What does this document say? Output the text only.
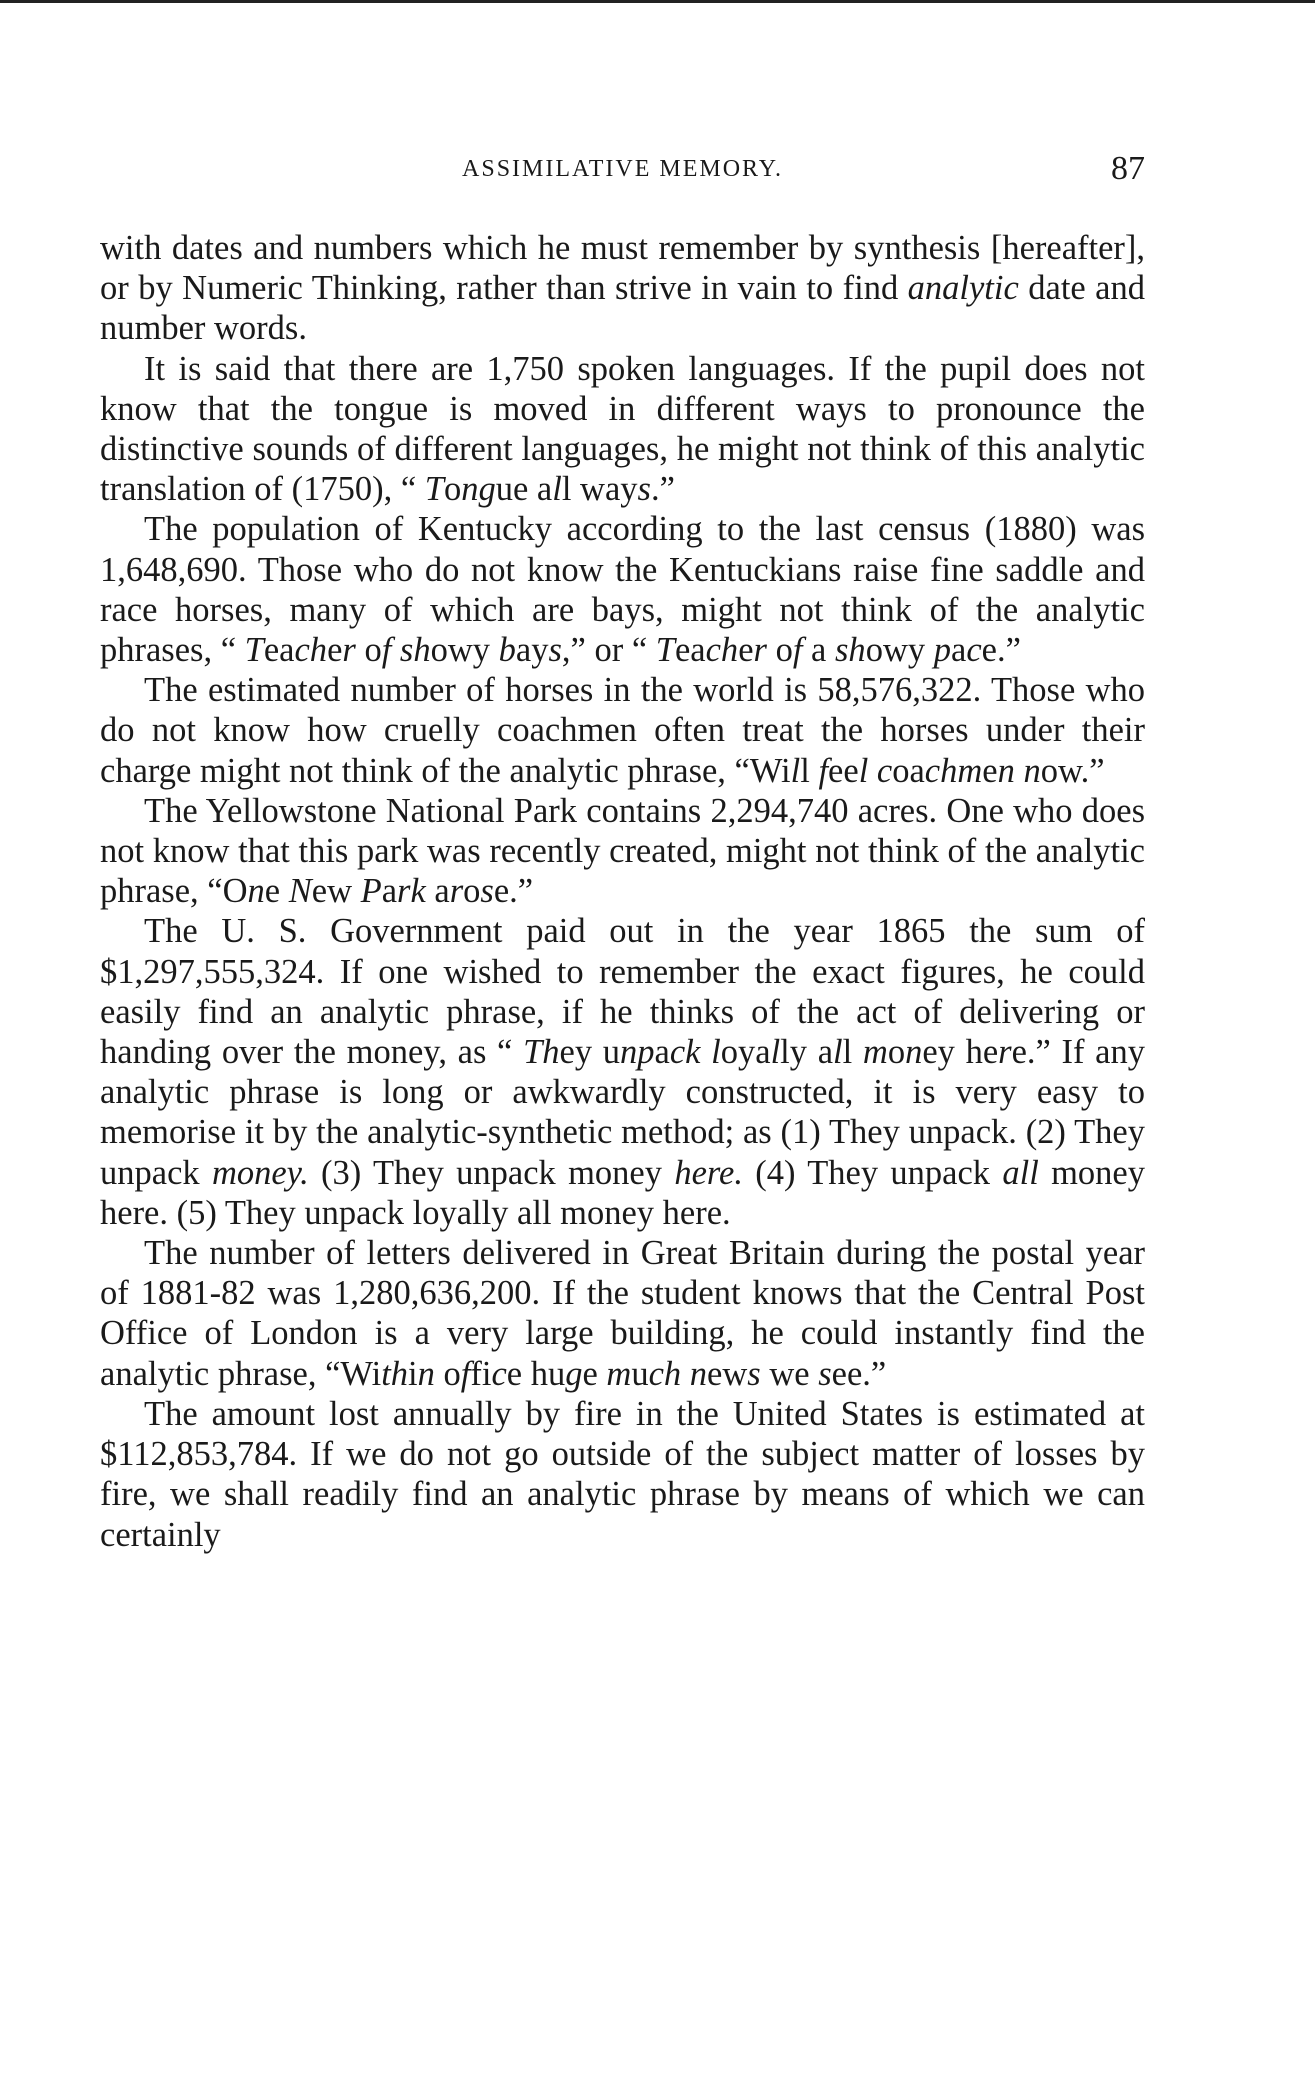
ASSIMILATIVE MEMORY.	87

with dates and numbers which he must remember by synthesis [hereafter], or by Numeric Thinking, rather than strive in vain to find analytic date and number words.

It is said that there are 1,750 spoken languages. If the pupil does not know that the tongue is moved in different ways to pronounce the distinctive sounds of different languages, he might not think of this analytic translation of (1750), “ Tongue all ways.”

The population of Kentucky according to the last census (1880) was 1,648,690. Those who do not know the Kentuckians raise fine saddle and race horses, many of which are bays, might not think of the analytic phrases, “ Teacher of showy bays,” or “ Teacher of a showy pace.”

The estimated number of horses in the world is 58,576,322. Those who do not know how cruelly coachmen often treat the horses under their charge might not think of the analytic phrase, “Will feel coachmen now.”

The Yellowstone National Park contains 2,294,740 acres. One who does not know that this park was recently created, might not think of the analytic phrase, “One New Park arose.”

The U. S. Government paid out in the year 1865 the sum of $1,297,555,324. If one wished to remember the exact figures, he could easily find an analytic phrase, if he thinks of the act of delivering or handing over the money, as “ They unpack loyally all money here.” If any analytic phrase is long or awkwardly constructed, it is very easy to memorise it by the analytic-synthetic method; as (1) They unpack. (2) They unpack money. (3) They unpack money here. (4) They unpack all money here. (5) They unpack loyally all money here.

The number of letters delivered in Great Britain during the postal year of 1881-82 was 1,280,636,200. If the student knows that the Central Post Office of London is a very large building, he could instantly find the analytic phrase, “Within office huge much news we see.”

The amount lost annually by fire in the United States is estimated at $112,853,784. If we do not go outside of the subject matter of losses by fire, we shall readily find an analytic phrase by means of which we can certainly
